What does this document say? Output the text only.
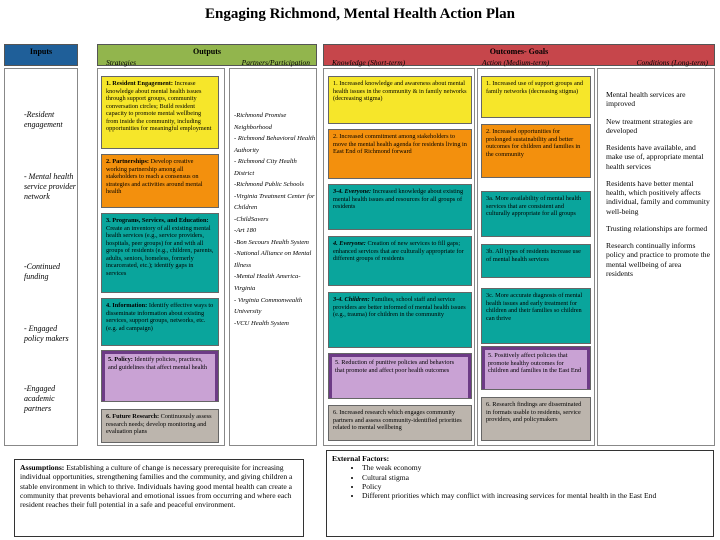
Engaging Richmond, Mental Health Action Plan
Inputs	Outputs
Strategies	Partners/Participation
Outcomes- Goals
Knowledge (Short-term)	Action (Medium-term)	Conditions (Long-term)
-Resident engagement
- Mental health service provider network
-Continued funding
- Engaged policy makers
-Engaged academic partners
1. Resident Engagement: Increase knowledge about mental health issues through support groups, community conversation circles; Build resident capacity to promote mental wellbeing from inside the community, including opportunities for meaningful employment
2. Partnerships: Develop creative working partnership among all stakeholders to reach a consensus on strategies and activities around mental health
3. Programs, Services, and Education: Create an inventory of all existing mental health services (e.g., service providers, hospitals, peer groups) for and with all groups of residents (e.g., children, parents, adults, seniors, homeless, formerly incarcerated, etc.); identify gaps in services
4. Information: Identify effective ways to disseminate information about existing services, support groups, networks, etc. (e.g. ad campaign)
5. Policy: Identify policies, practices, and guidelines that affect mental health
6. Future Research: Continuously assess research needs; develop monitoring and evaluation plans
-Richmond Promise Neighborhood
- Richmond Behavioral Health Authority
- Richmond City Health District
-Richmond Public Schools
-Virginia Treatment Center for Children
-ChildSavers
-Art 180
-Bon Secours Health System
-National Alliance on Mental Illness
-Mental Health America-Virginia
- Virginia Commonwealth University
-VCU Health System
1. Increased knowledge and awareness about mental health issues in the community & in family networks (decreasing stigma)
2. Increased commitment among stakeholders to move the mental health agenda for residents living in East End of Richmond forward
3-4. Everyone: Increased knowledge about existing mental health issues and resources for all groups of residents
4. Everyone: Creation of new services to fill gaps; enhanced services that are culturally appropriate for different groups of residents
3-4. Children: Families, school staff and service providers are better informed of mental health issues (e.g., trauma) for children in the community
5. Reduction of punitive policies and behaviors that promote and affect poor health outcomes
6. Increased research which engages community partners and assess community-identified priorities related to mental wellbeing
1. Increased use of support groups and family networks (decreasing stigma)
2. Increased opportunities for prolonged sustainability and better outcomes for children and families in the community
3a. More availability of mental health services that are consistent and culturally appropriate for all groups
3b. All types of residents increase use of mental health services
3c. More accurate diagnosis of mental health issues and early treatment for children and their families so children can thrive
5. Positively affect policies that promote healthy outcomes for children and families in the East End
6. Research findings are disseminated in formats usable to residents, service providers, and policymakers
Mental health services are improved
New treatment strategies are developed
Residents have available, and make use of, appropriate mental health services
Residents have better mental health, which positively affects individual, family and community well-being
Trusting relationships are formed
Research continually informs policy and practice to promote the mental wellbeing of area residents
Assumptions: Establishing a culture of change is necessary prerequisite for increasing individual opportunities, strengthening families and the community, and giving children a stable environment in which to thrive. Individuals having good mental health can create a community that prevents behavioral and emotional issues from occurring and where each resident reaches their full potential in a safe and peaceful environment.
External Factors:
• The weak economy
• Cultural stigma
• Policy
• Different priorities which may conflict with increasing services for mental health in the East End
